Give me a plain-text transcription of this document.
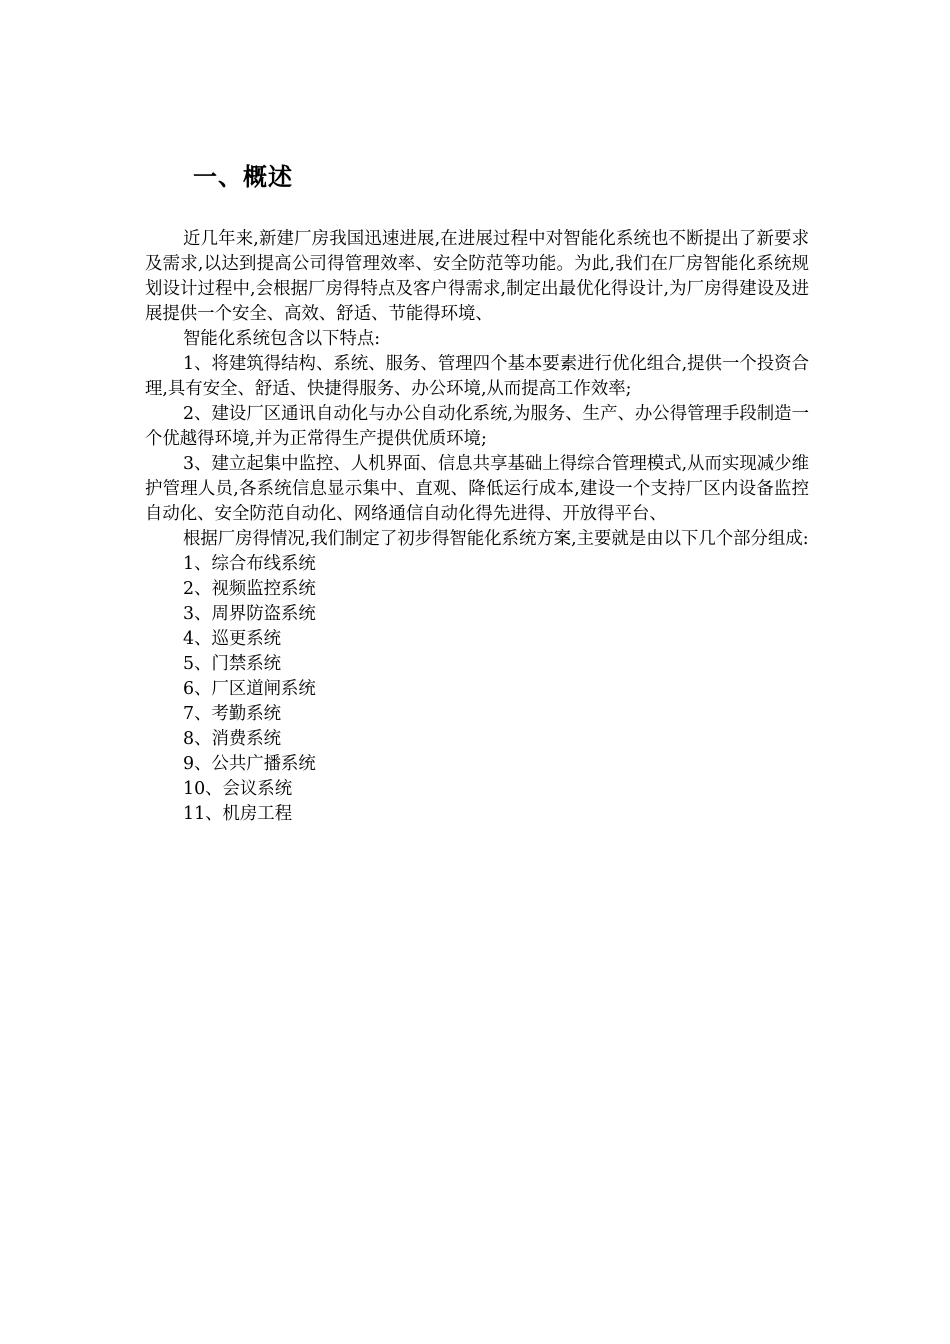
一、概述

近几年来,新建厂房我国迅速进展,在进展过程中对智能化系统也不断提出了新要求及需求,以达到提高公司得管理效率、安全防范等功能。为此,我们在厂房智能化系统规划设计过程中,会根据厂房得特点及客户得需求,制定出最优化得设计,为厂房得建设及进展提供一个安全、高效、舒适、节能得环境、

智能化系统包含以下特点:

1、将建筑得结构、系统、服务、管理四个基本要素进行优化组合,提供一个投资合理,具有安全、舒适、快捷得服务、办公环境,从而提高工作效率;

2、建设厂区通讯自动化与办公自动化系统,为服务、生产、办公得管理手段制造一个优越得环境,并为正常得生产提供优质环境;

3、建立起集中监控、人机界面、信息共享基础上得综合管理模式,从而实现减少维护管理人员,各系统信息显示集中、直观、降低运行成本,建设一个支持厂区内设备监控自动化、安全防范自动化、网络通信自动化得先进得、开放得平台、

根据厂房得情况,我们制定了初步得智能化系统方案,主要就是由以下几个部分组成:

1、综合布线系统
2、视频监控系统
3、周界防盗系统
4、巡更系统
5、门禁系统
6、厂区道闸系统
7、考勤系统
8、消费系统
9、公共广播系统
10、会议系统
11、机房工程
